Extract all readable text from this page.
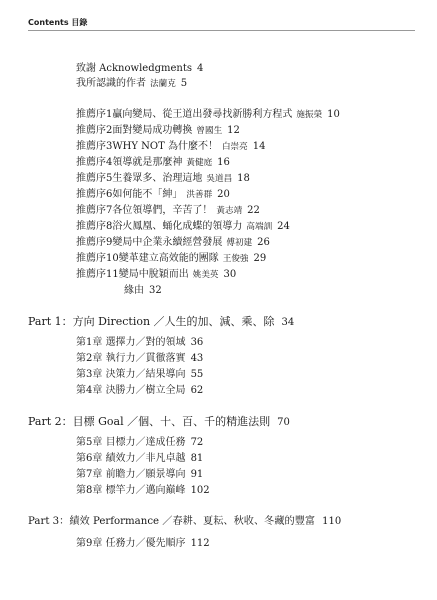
Contents 目錄
致謝 Acknowledgments 4
我所認識的作者 法蘭克 5
推薦序1贏向變局、從王道出發尋找新勝利方程式 施振榮 10
推薦序2面對變局成功轉換 曾國生 12
推薦序3WHY NOT 為什麼不！ 白崇亮 14
推薦序4領導就是那麼神 黃健庭 16
推薦序5生養眾多、治理這地 吳道昌 18
推薦序6如何能不「紳」 洪善群 20
推薦序7各位領導們，辛苦了！ 黃志靖 22
推薦序8浴火鳳凰、蛹化成蝶的領導力 高端訓 24
推薦序9變局中企業永續經營發展 傅初建 26
推薦序10變革建立高效能的團隊 王俊強 29
推薦序11變局中脫穎而出 姚美英 30
緣由 32
Part 1：方向 Direction ／人生的加、減、乘、除 34
第1章 選擇力／對的領域 36
第2章 執行力／貫徹落實 43
第3章 決策力／結果導向 55
第4章 決勝力／樹立全局 62
Part 2：目標 Goal ／個、十、百、千的精進法則 70
第5章 目標力／達成任務 72
第6章 績效力／非凡卓越 81
第7章 前瞻力／願景導向 91
第8章 標竿力／邁向巔峰 102
Part 3：績效 Performance ／春耕、夏耘、秋收、冬藏的豐富 110
第9章 任務力／優先順序 112
